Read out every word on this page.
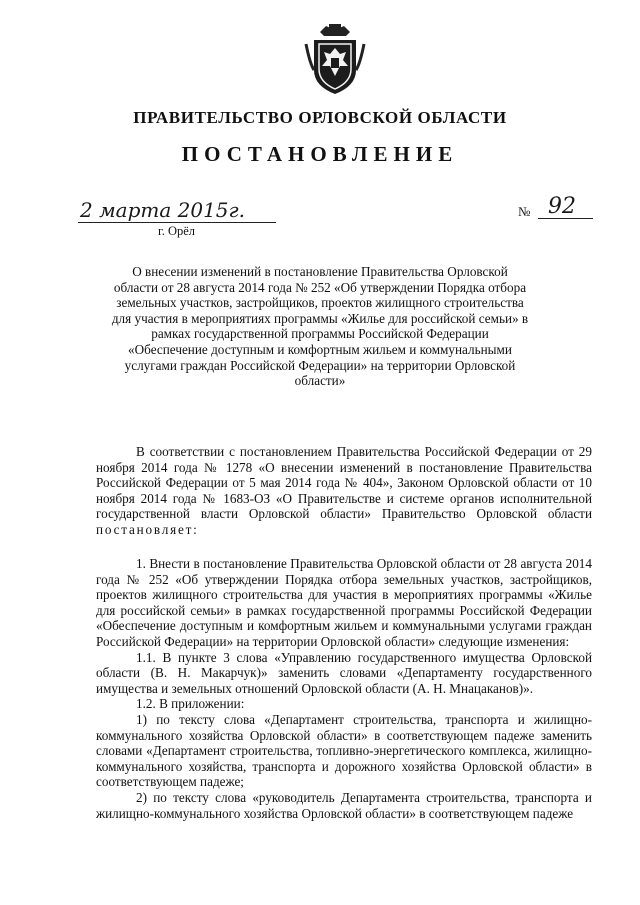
ПРАВИТЕЛЬСТВО ОРЛОВСКОЙ ОБЛАСТИ
ПОСТАНОВЛЕНИЕ
2 марта 2015г.
г. Орёл
№ 92
О внесении изменений в постановление Правительства Орловской области от 28 августа 2014 года № 252 «Об утверждении Порядка отбора земельных участков, застройщиков, проектов жилищного строительства для участия в мероприятиях программы «Жилье для российской семьи» в рамках государственной программы Российской Федерации «Обеспечение доступным и комфортным жильем и коммунальными услугами граждан Российской Федерации» на территории Орловской области»

В соответствии с постановлением Правительства Российской Федерации от 29 ноября 2014 года № 1278 «О внесении изменений в постановление Правительства Российской Федерации от 5 мая 2014 года № 404», Законом Орловской области от 10 ноября 2014 года № 1683-ОЗ «О Правительстве и системе органов исполнительной государственной власти Орловской области» Правительство Орловской области постановляет:

1. Внести в постановление Правительства Орловской области от 28 августа 2014 года № 252 «Об утверждении Порядка отбора земельных участков, застройщиков, проектов жилищного строительства для участия в мероприятиях программы «Жилье для российской семьи» в рамках государственной программы Российской Федерации «Обеспечение доступным и комфортным жильем и коммунальными услугами граждан Российской Федерации» на территории Орловской области» следующие изменения:

1.1. В пункте 3 слова «Управлению государственного имущества Орловской области (В. Н. Макарчук)» заменить словами «Департаменту государственного имущества и земельных отношений Орловской области (А. Н. Мнацаканов)».

1.2. В приложении:

1) по тексту слова «Департамент строительства, транспорта и жилищно-коммунального хозяйства Орловской области» в соответствующем падеже заменить словами «Департамент строительства, топливно-энергетического комплекса, жилищно-коммунального хозяйства, транспорта и дорожного хозяйства Орловской области» в соответствующем падеже;

2) по тексту слова «руководитель Департамента строительства, транспорта и жилищно-коммунального хозяйства Орловской области» в соответствующем падеже
